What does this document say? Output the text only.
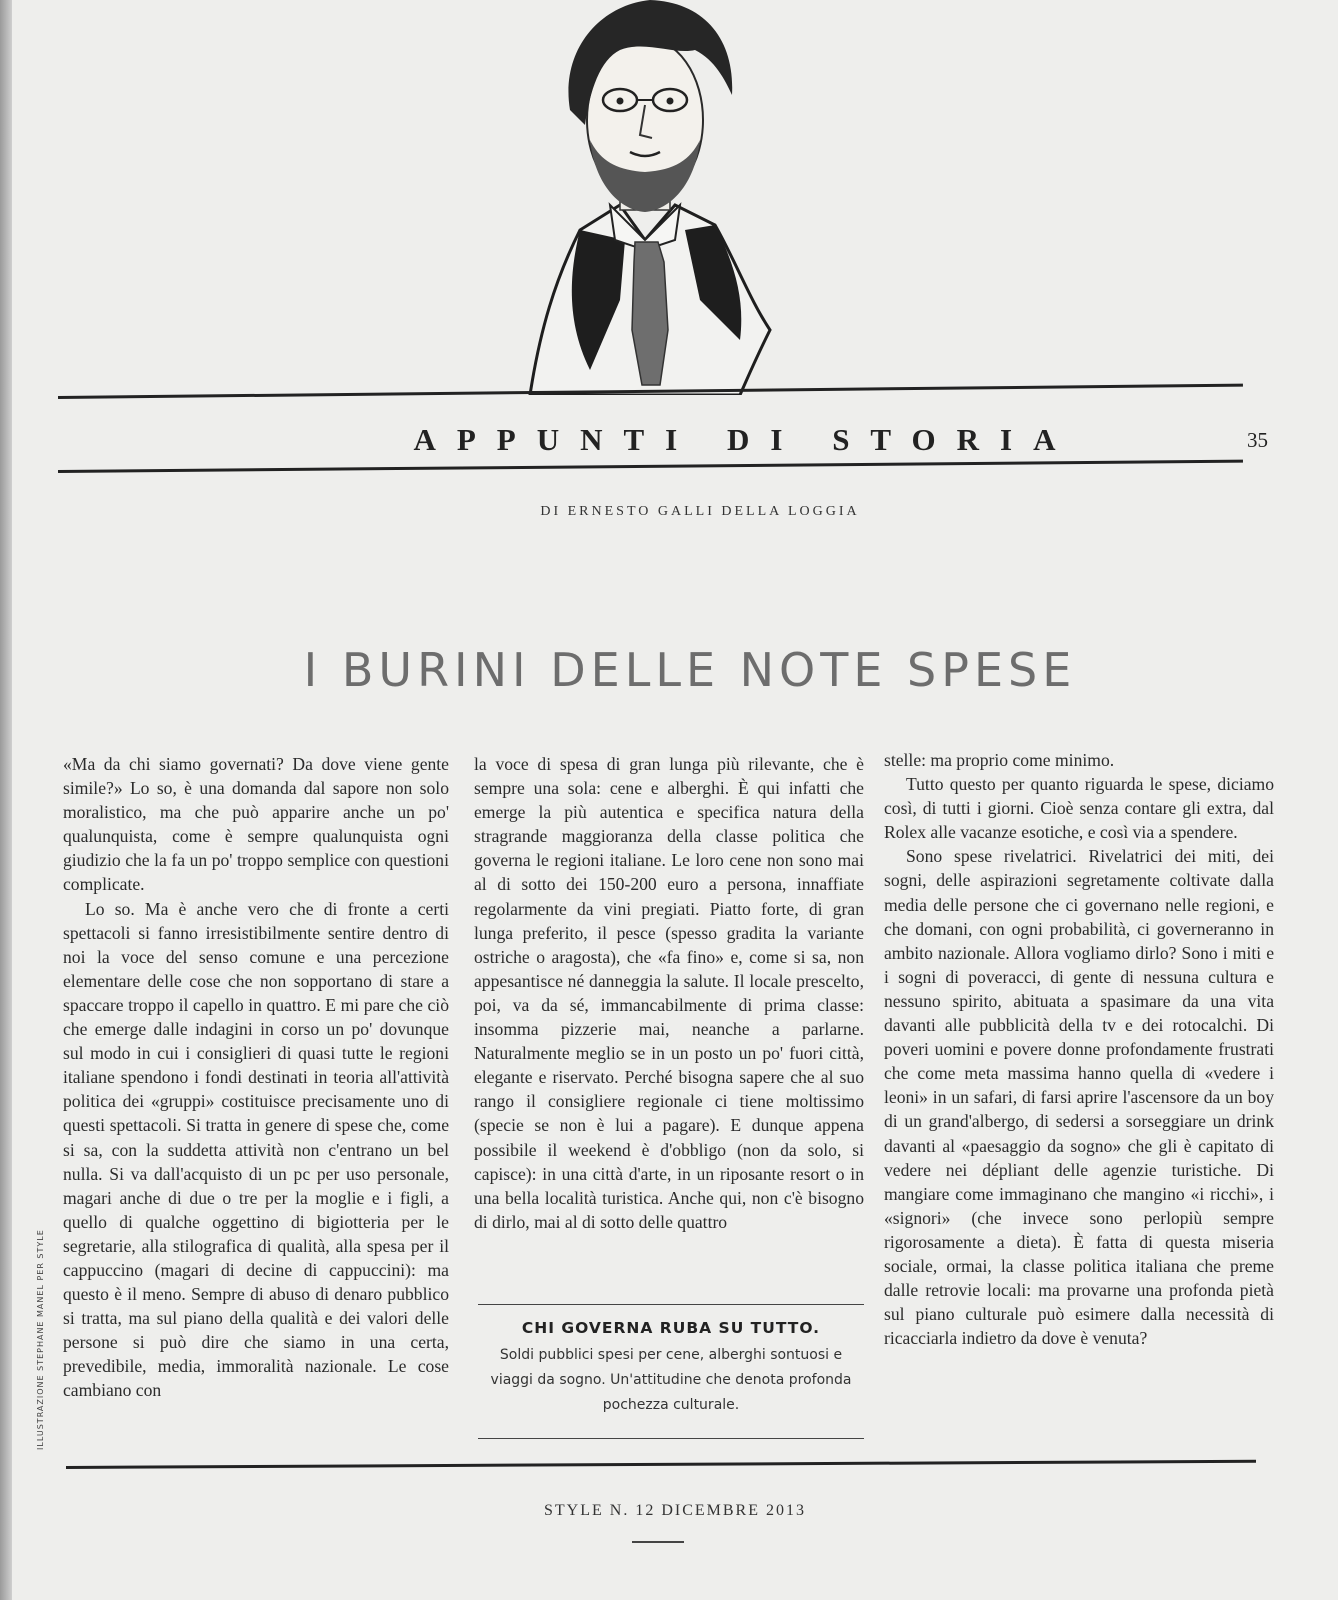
APPUNTI DI STORIA	35
DI ERNESTO GALLI DELLA LOGGIA
I BURINI DELLE NOTE SPESE

«Ma da chi siamo governati? Da dove viene gente simile?» Lo so, è una domanda dal sapore non solo moralistico, ma che può apparire anche un po' qualunquista, come è sempre qualunquista ogni giudizio che la fa un po' troppo semplice con questioni complicate.

Lo so. Ma è anche vero che di fronte a certi spettacoli si fanno irresistibilmente sentire dentro di noi la voce del senso comune e una percezione elementare delle cose che non sopportano di stare a spaccare troppo il capello in quattro. E mi pare che ciò che emerge dalle indagini in corso un po' dovunque sul modo in cui i consiglieri di quasi tutte le regioni italiane spendono i fondi destinati in teoria all'attività politica dei «gruppi» costituisce precisamente uno di questi spettacoli. Si tratta in genere di spese che, come si sa, con la suddetta attività non c'entrano un bel nulla. Si va dall'acquisto di un pc per uso personale, magari anche di due o tre per la moglie e i figli, a quello di qualche oggettino di bigiotteria per le segretarie, alla stilografica di qualità, alla spesa per il cappuccino (magari di decine di cappuccini): ma questo è il meno. Sempre di abuso di denaro pubblico si tratta, ma sul piano della qualità e dei valori delle persone si può dire che siamo in una certa, prevedibile, media, immoralità nazionale. Le cose cambiano con

la voce di spesa di gran lunga più rilevante, che è sempre una sola: cene e alberghi. È qui infatti che emerge la più autentica e specifica natura della stragrande maggioranza della classe politica che governa le regioni italiane. Le loro cene non sono mai al di sotto dei 150-200 euro a persona, innaffiate regolarmente da vini pregiati. Piatto forte, di gran lunga preferito, il pesce (spesso gradita la variante ostriche o aragosta), che «fa fino» e, come si sa, non appesantisce né danneggia la salute. Il locale prescelto, poi, va da sé, immancabilmente di prima classe: insomma pizzerie mai, neanche a parlarne. Naturalmente meglio se in un posto un po' fuori città, elegante e riservato. Perché bisogna sapere che al suo rango il consigliere regionale ci tiene moltissimo (specie se non è lui a pagare). E dunque appena possibile il weekend è d'obbligo (non da solo, si capisce): in una città d'arte, in un riposante resort o in una bella località turistica. Anche qui, non c'è bisogno di dirlo, mai al di sotto delle quattro

CHI GOVERNA RUBA SU TUTTO.
Soldi pubblici spesi per cene, alberghi sontuosi e viaggi da sogno. Un'attitudine che denota profonda pochezza culturale.

stelle: ma proprio come minimo.

Tutto questo per quanto riguarda le spese, diciamo così, di tutti i giorni. Cioè senza contare gli extra, dal Rolex alle vacanze esotiche, e così via a spendere.

Sono spese rivelatrici. Rivelatrici dei miti, dei sogni, delle aspirazioni segretamente coltivate dalla media delle persone che ci governano nelle regioni, e che domani, con ogni probabilità, ci governeranno in ambito nazionale. Allora vogliamo dirlo? Sono i miti e i sogni di poveracci, di gente di nessuna cultura e nessuno spirito, abituata a spasimare da una vita davanti alle pubblicità della tv e dei rotocalchi. Di poveri uomini e povere donne profondamente frustrati che come meta massima hanno quella di «vedere i leoni» in un safari, di farsi aprire l'ascensore da un boy di un grand'albergo, di sedersi a sorseggiare un drink davanti al «paesaggio da sogno» che gli è capitato di vedere nei dépliant delle agenzie turistiche. Di mangiare come immaginano che mangino «i ricchi», i «signori» (che invece sono perlopiù sempre rigorosamente a dieta). È fatta di questa miseria sociale, ormai, la classe politica italiana che preme dalle retrovie locali: ma provarne una profonda pietà sul piano culturale può esimere dalla necessità di ricacciarla indietro da dove è venuta?

ILLUSTRAZIONE STEPHANE MANEL PER STYLE
STYLE N. 12 DICEMBRE 2013
